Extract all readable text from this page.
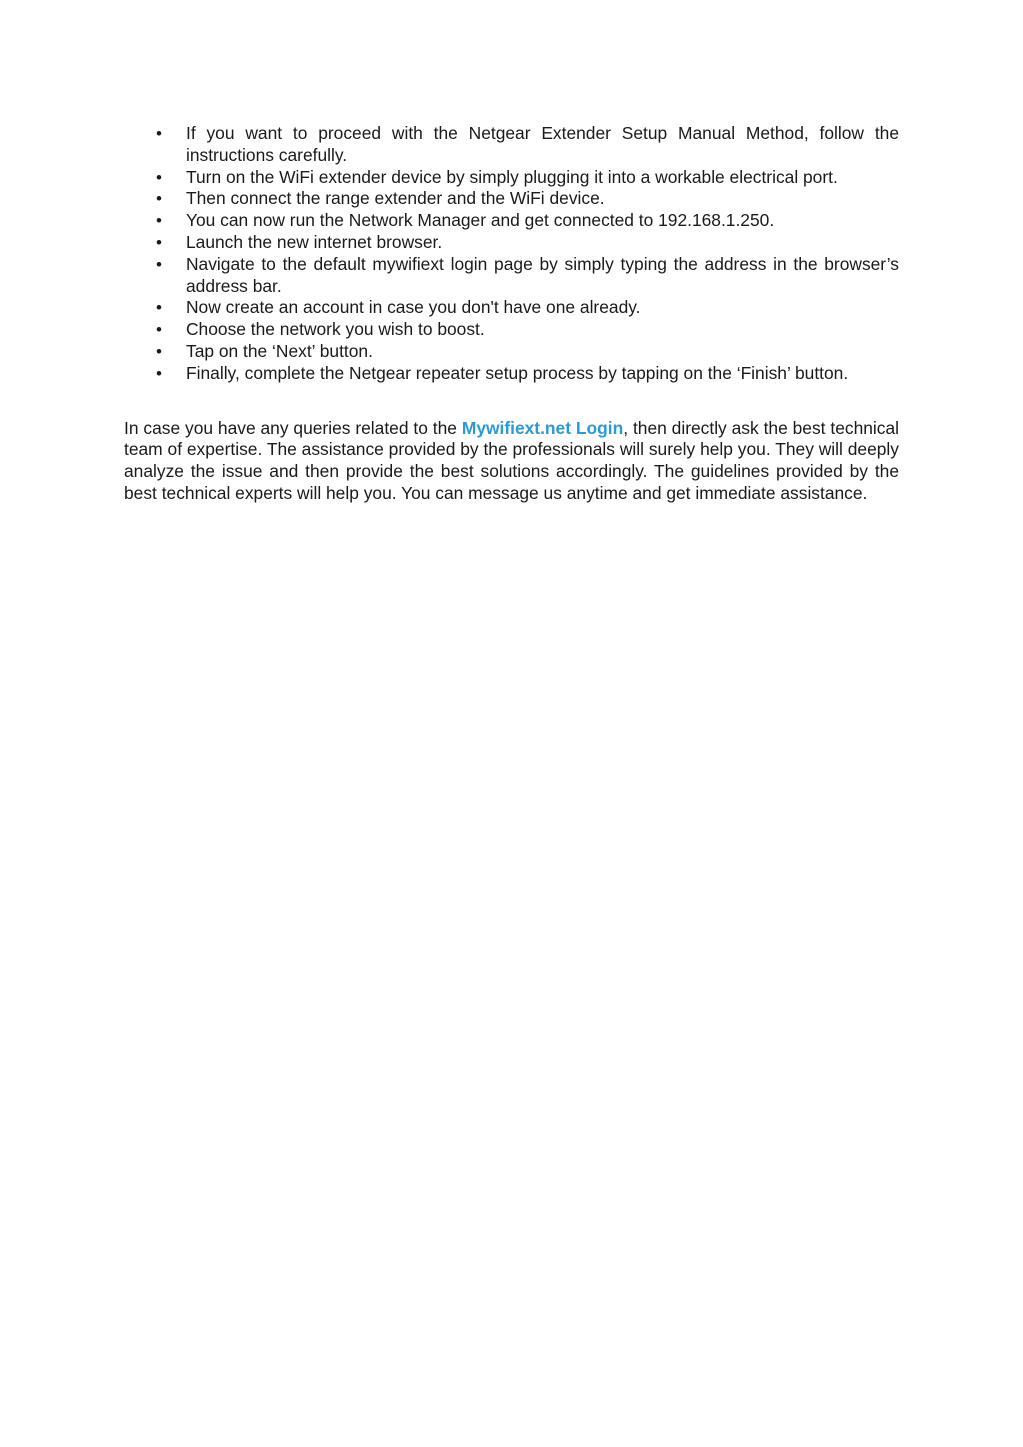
• If you want to proceed with the Netgear Extender Setup Manual Method, follow the instructions carefully.
• Turn on the WiFi extender device by simply plugging it into a workable electrical port.
• Then connect the range extender and the WiFi device.
• You can now run the Network Manager and get connected to 192.168.1.250.
• Launch the new internet browser.
• Navigate to the default mywifiext login page by simply typing the address in the browser’s address bar.
• Now create an account in case you don't have one already.
• Choose the network you wish to boost.
• Tap on the ‘Next’ button.
• Finally, complete the Netgear repeater setup process by tapping on the ‘Finish’ button.

In case you have any queries related to the Mywifiext.net Login, then directly ask the best technical team of expertise. The assistance provided by the professionals will surely help you. They will deeply analyze the issue and then provide the best solutions accordingly. The guidelines provided by the best technical experts will help you. You can message us anytime and get immediate assistance.
